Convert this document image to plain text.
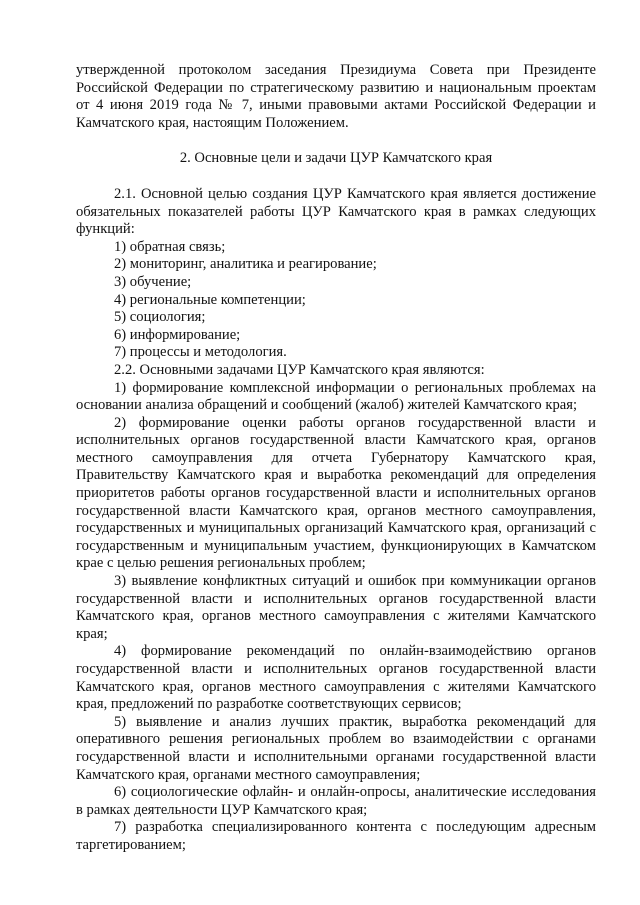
утвержденной протоколом заседания Президиума Совета при Президенте Российской Федерации по стратегическому развитию и национальным проектам от 4 июня 2019 года № 7, иными правовыми актами Российской Федерации и Камчатского края, настоящим Положением.

2. Основные цели и задачи ЦУР Камчатского края

2.1. Основной целью создания ЦУР Камчатского края является достижение обязательных показателей работы ЦУР Камчатского края в рамках следующих функций:

1) обратная связь;

2) мониторинг, аналитика и реагирование;

3) обучение;

4) региональные компетенции;

5) социология;

6) информирование;

7) процессы и методология.

2.2. Основными задачами ЦУР Камчатского края являются:

1) формирование комплексной информации о региональных проблемах на основании анализа обращений и сообщений (жалоб) жителей Камчатского края;

2) формирование оценки работы органов государственной власти и исполнительных органов государственной власти Камчатского края, органов местного самоуправления для отчета Губернатору Камчатского края, Правительству Камчатского края и выработка рекомендаций для определения приоритетов работы органов государственной власти и исполнительных органов государственной власти Камчатского края, органов местного самоуправления, государственных и муниципальных организаций Камчатского края, организаций с государственным и муниципальным участием, функционирующих в Камчатском крае с целью решения региональных проблем;

3) выявление конфликтных ситуаций и ошибок при коммуникации органов государственной власти и исполнительных органов государственной власти Камчатского края, органов местного самоуправления с жителями Камчатского края;

4) формирование рекомендаций по онлайн-взаимодействию органов государственной власти и исполнительных органов государственной власти Камчатского края, органов местного самоуправления с жителями Камчатского края, предложений по разработке соответствующих сервисов;

5) выявление и анализ лучших практик, выработка рекомендаций для оперативного решения региональных проблем во взаимодействии с органами государственной власти и исполнительными органами государственной власти Камчатского края, органами местного самоуправления;

6) социологические офлайн- и онлайн-опросы, аналитические исследования в рамках деятельности ЦУР Камчатского края;

7) разработка специализированного контента с последующим адресным таргетированием;
